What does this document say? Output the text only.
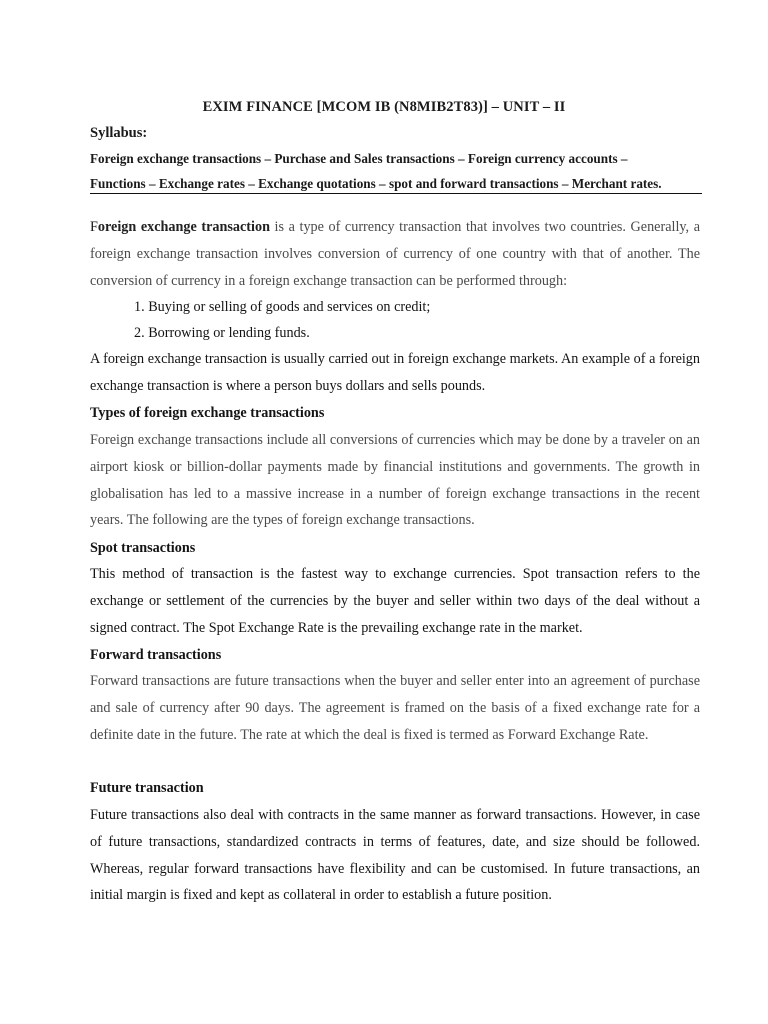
EXIM FINANCE [MCOM IB (N8MIB2T83)] – UNIT – II
Syllabus:
Foreign exchange transactions – Purchase and Sales transactions – Foreign currency accounts –
Functions – Exchange rates – Exchange quotations – spot and forward transactions – Merchant rates.

Foreign exchange transaction is a type of currency transaction that involves two countries. Generally, a foreign exchange transaction involves conversion of currency of one country with that of another. The conversion of currency in a foreign exchange transaction can be performed through:

1. Buying or selling of goods and services on credit;
2. Borrowing or lending funds.

A foreign exchange transaction is usually carried out in foreign exchange markets. An example of a foreign exchange transaction is where a person buys dollars and sells pounds.

Types of foreign exchange transactions

Foreign exchange transactions include all conversions of currencies which may be done by a traveler on an airport kiosk or billion-dollar payments made by financial institutions and governments. The growth in globalisation has led to a massive increase in a number of foreign exchange transactions in the recent years. The following are the types of foreign exchange transactions.

Spot transactions

This method of transaction is the fastest way to exchange currencies. Spot transaction refers to the exchange or settlement of the currencies by the buyer and seller within two days of the deal without a signed contract. The Spot Exchange Rate is the prevailing exchange rate in the market.

Forward transactions

Forward transactions are future transactions when the buyer and seller enter into an agreement of purchase and sale of currency after 90 days. The agreement is framed on the basis of a fixed exchange rate for a definite date in the future. The rate at which the deal is fixed is termed as Forward Exchange Rate.

Future transaction

Future transactions also deal with contracts in the same manner as forward transactions. However, in case of future transactions, standardized contracts in terms of features, date, and size should be followed. Whereas, regular forward transactions have flexibility and can be customised. In future transactions, an initial margin is fixed and kept as collateral in order to establish a future position.
